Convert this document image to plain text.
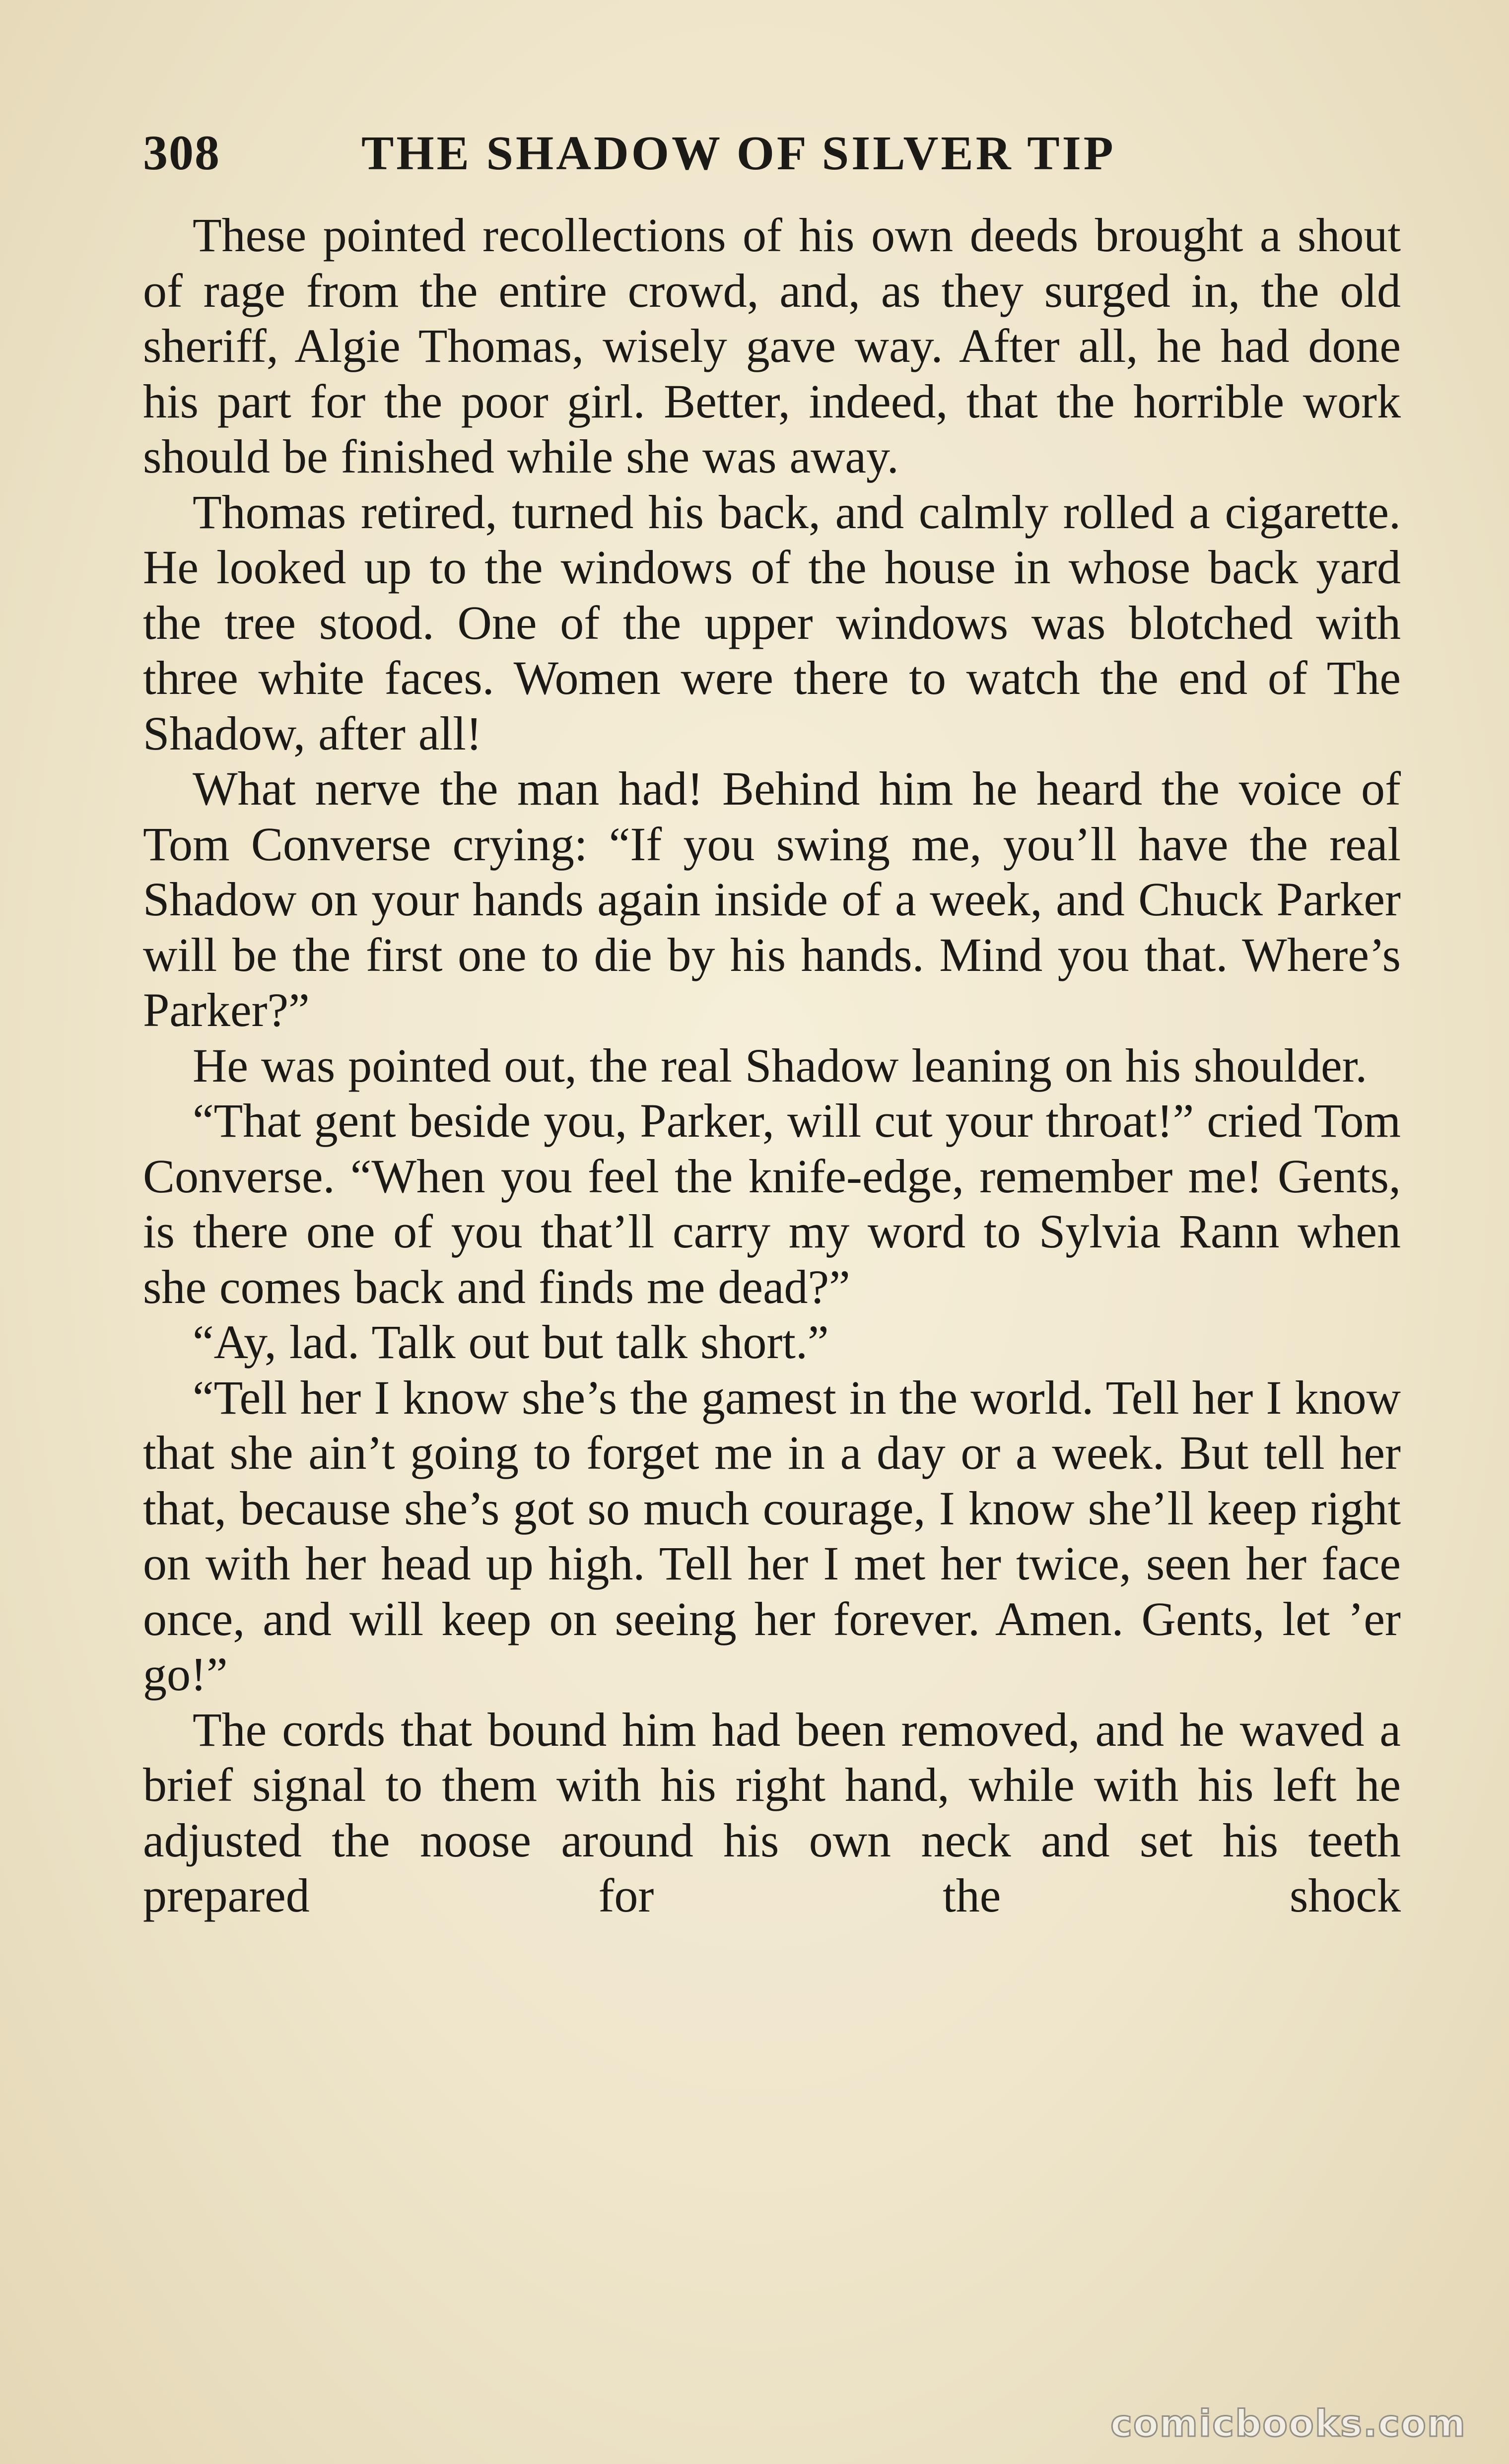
308	THE SHADOW OF SILVER TIP

These pointed recollections of his own deeds brought a shout of rage from the entire crowd, and, as they surged in, the old sheriff, Algie Thomas, wisely gave way. After all, he had done his part for the poor girl. Better, indeed, that the horrible work should be finished while she was away.

Thomas retired, turned his back, and calmly rolled a cigarette. He looked up to the windows of the house in whose back yard the tree stood. One of the upper windows was blotched with three white faces. Women were there to watch the end of The Shadow, after all!

What nerve the man had! Behind him he heard the voice of Tom Converse crying: “If you swing me, you’ll have the real Shadow on your hands again inside of a week, and Chuck Parker will be the first one to die by his hands. Mind you that. Where’s Parker?”

He was pointed out, the real Shadow leaning on his shoulder.

“That gent beside you, Parker, will cut your throat!” cried Tom Converse. “When you feel the knife-edge, remember me! Gents, is there one of you that’ll carry my word to Sylvia Rann when she comes back and finds me dead?”

“Ay, lad. Talk out but talk short.”

“Tell her I know she’s the gamest in the world. Tell her I know that she ain’t going to forget me in a day or a week. But tell her that, because she’s got so much courage, I know she’ll keep right on with her head up high. Tell her I met her twice, seen her face once, and will keep on seeing her forever. Amen. Gents, let ’er go!”

The cords that bound him had been removed, and he waved a brief signal to them with his right hand, while with his left he adjusted the noose around his own neck and set his teeth prepared for the shock

comicbooks.com
